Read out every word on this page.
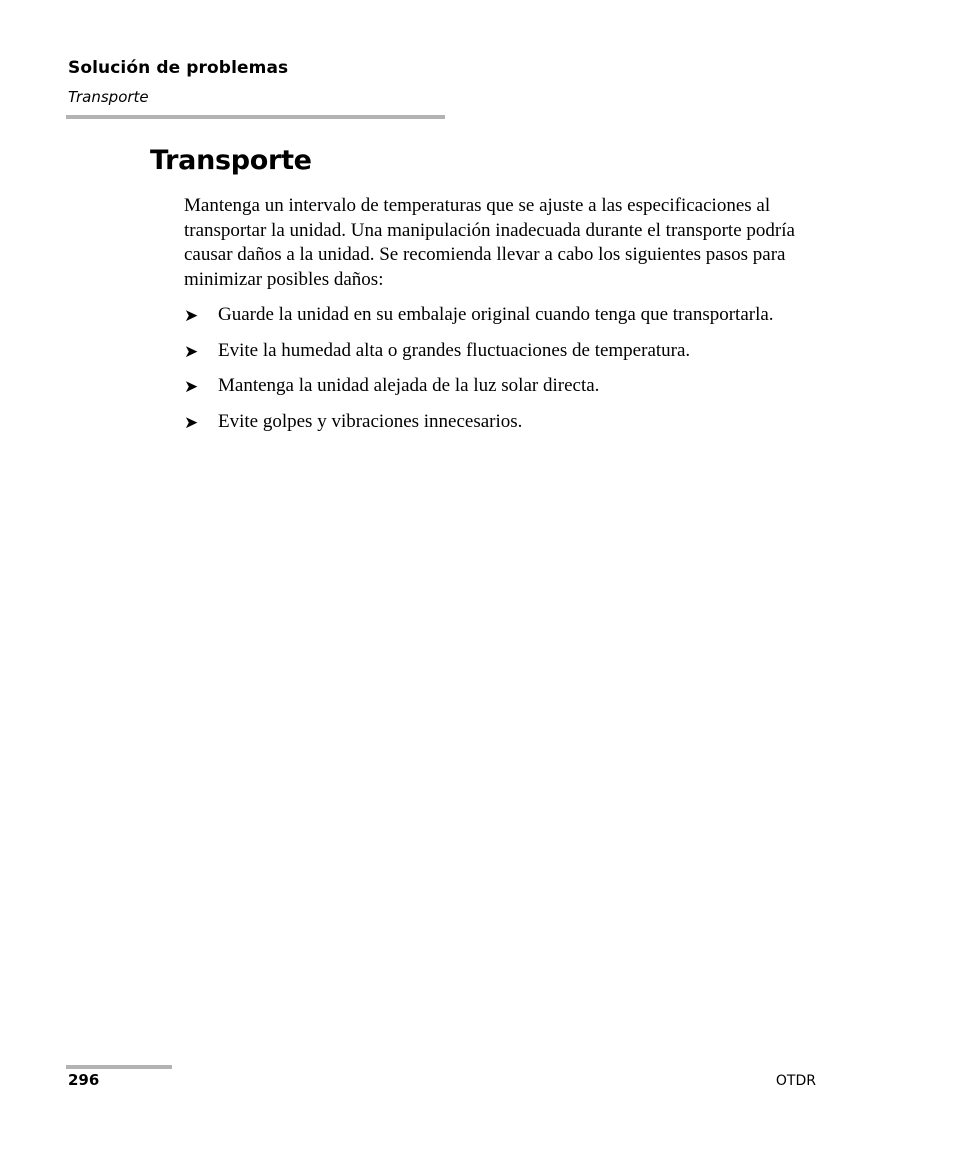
Solución de problemas
Transporte
Transporte

Mantenga un intervalo de temperaturas que se ajuste a las especificaciones al transportar la unidad. Una manipulación inadecuada durante el transporte podría causar daños a la unidad. Se recomienda llevar a cabo los siguientes pasos para minimizar posibles daños:

➤ Guarde la unidad en su embalaje original cuando tenga que transportarla.
➤ Evite la humedad alta o grandes fluctuaciones de temperatura.
➤ Mantenga la unidad alejada de la luz solar directa.
➤ Evite golpes y vibraciones innecesarios.
296	OTDR
